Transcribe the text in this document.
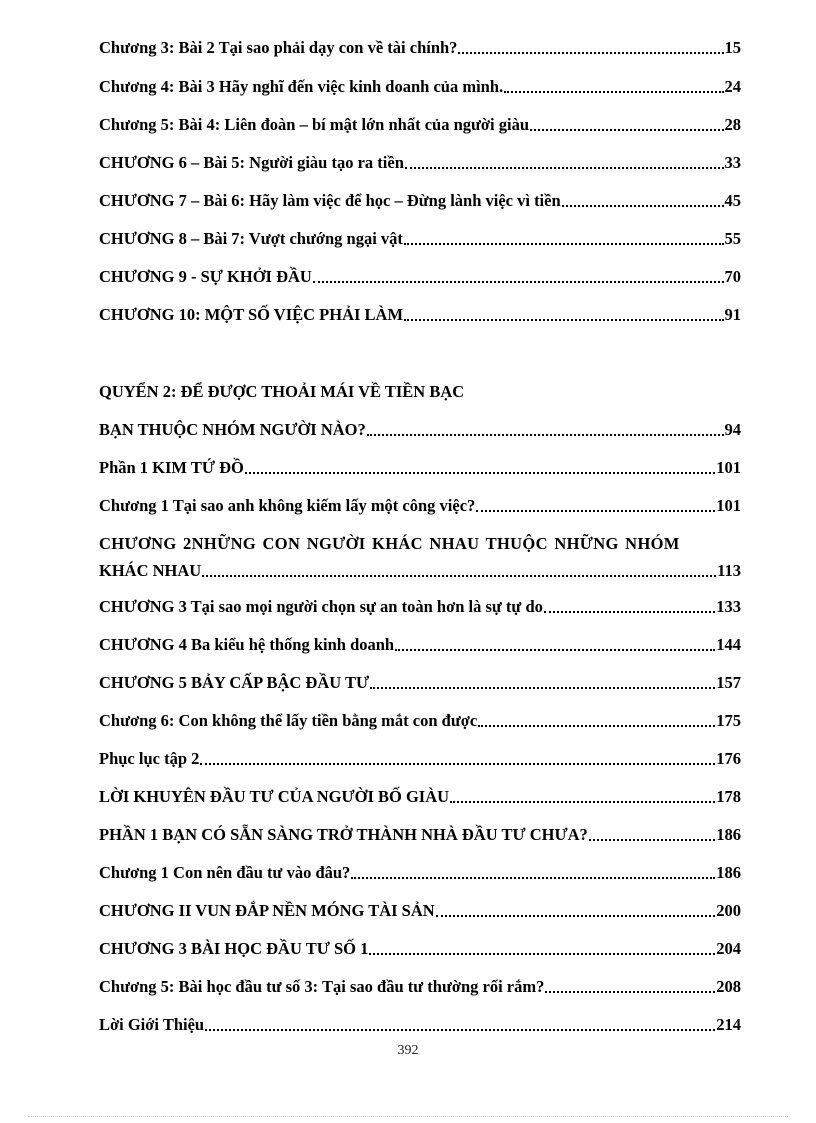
Chương 3: Bài 2 Tại sao phải dạy con về tài chính?	15
Chương 4: Bài 3 Hãy nghĩ đến việc kinh doanh của mình.	24
Chương 5: Bài 4: Liên đoàn – bí mật lớn nhất của người giàu	28
CHƯƠNG 6 – Bài 5: Người giàu tạo ra tiền	33
CHƯƠNG 7 – Bài 6: Hãy làm việc để học – Đừng lành việc vì tiền	45
CHƯƠNG 8 – Bài 7: Vượt chướng ngại vật	55
CHƯƠNG 9 - SỰ KHỞI ĐẦU	70
CHƯƠNG 10: MỘT SỐ VIỆC PHẢI LÀM	91
QUYỂN 2: ĐỂ ĐƯỢC THOẢI MÁI VỀ TIỀN BẠC
BẠN THUỘC NHÓM NGƯỜI NÀO?	94
Phần 1 KIM TỨ ĐỒ	101
Chương 1 Tại sao anh không kiếm lấy một công việc?	101
CHƯƠNG 2NHỮNG CON NGƯỜI KHÁC NHAU THUỘC NHỮNG NHÓM
KHÁC NHAU	113
CHƯƠNG 3 Tại sao mọi người chọn sự an toàn hơn là sự tự do	133
CHƯƠNG 4 Ba kiểu hệ thống kinh doanh	144
CHƯƠNG 5 BẢY CẤP BẬC ĐẦU TƯ	157
Chương 6: Con không thể lấy tiền bằng mắt con được	175
Phục lục tập 2	176
LỜI KHUYÊN ĐẦU TƯ CỦA NGƯỜI BỐ GIÀU	178
PHẦN 1 BẠN CÓ SẴN SÀNG TRỞ THÀNH NHÀ ĐẦU TƯ CHƯA?	186
Chương 1 Con nên đầu tư vào đâu?	186
CHƯƠNG II VUN ĐẮP NỀN MÓNG TÀI SẢN	200
CHƯƠNG 3 BÀI HỌC ĐẦU TƯ SỐ 1	204
Chương 5: Bài học đầu tư số 3: Tại sao đầu tư thường rối rắm?	208
Lời Giới Thiệu	214
392
